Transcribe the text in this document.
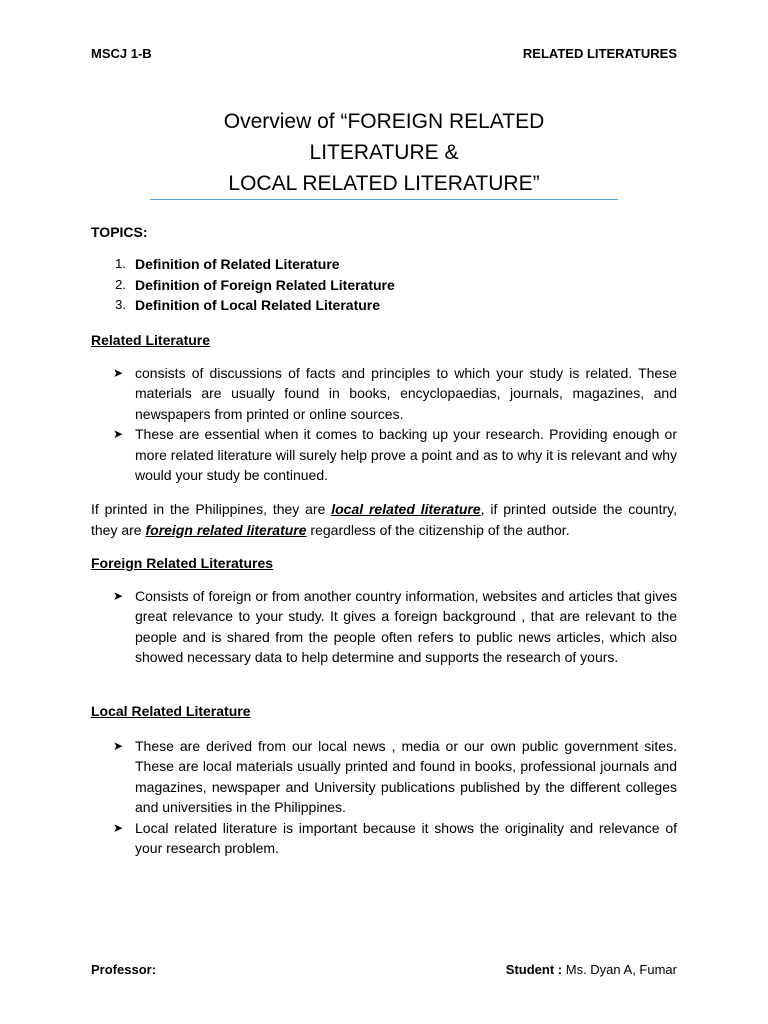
MSCJ 1-B	RELATED LITERATURES
Overview of “FOREIGN RELATED
LITERATURE &
LOCAL RELATED LITERATURE”
TOPICS:
1. Definition of Related Literature
2. Definition of Foreign Related Literature
3. Definition of Local Related Literature
Related Literature
➤ consists of discussions of facts and principles to which your study is related. These materials are usually found in books, encyclopaedias, journals, magazines, and newspapers from printed or online sources.
➤ These are essential when it comes to backing up your research. Providing enough or more related literature will surely help prove a point and as to why it is relevant and why would your study be continued.
If printed in the Philippines, they are local related literature, if printed outside the country, they are foreign related literature regardless of the citizenship of the author.
Foreign Related Literatures
➤ Consists of foreign or from another country information, websites and articles that gives great relevance to your study. It gives a foreign background , that are relevant to the people and is shared from the people often refers to public news articles, which also showed necessary data to help determine and supports the research of yours.
Local Related Literature
➤ These are derived from our local news , media or our own public government sites. These are local materials usually printed and found in books, professional journals and magazines, newspaper and University publications published by the different colleges and universities in the Philippines.
➤ Local related literature is important because it shows the originality and relevance of your research problem.
Professor:	Student : Ms. Dyan A, Fumar
